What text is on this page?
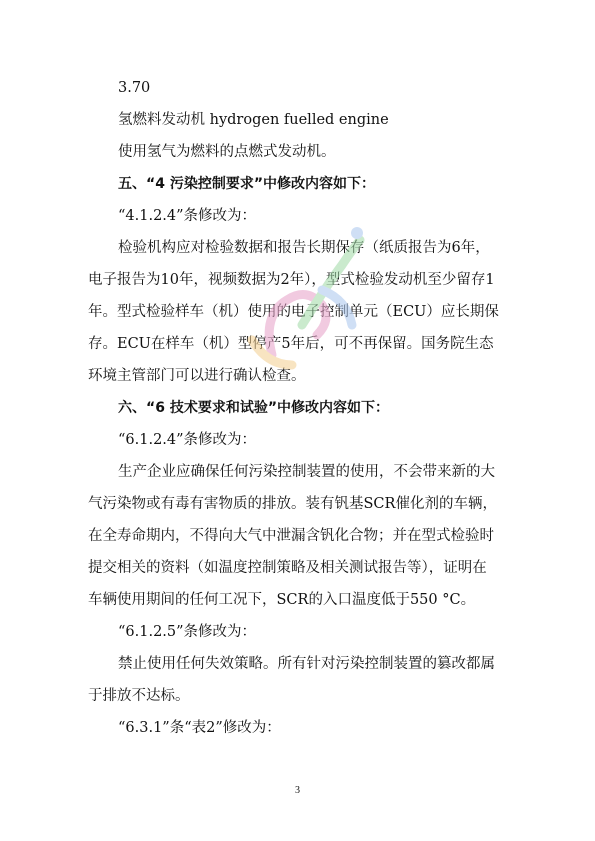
3.70
氢燃料发动机 hydrogen fuelled engine
使用氢气为燃料的点燃式发动机。
五、“4 污染控制要求”中修改内容如下：
“4.1.2.4”条修改为：
检验机构应对检验数据和报告长期保存（纸质报告为6年，
电子报告为10年，视频数据为2年），型式检验发动机至少留存1
年。型式检验样车（机）使用的电子控制单元（ECU）应长期保
存。ECU在样车（机）型停产5年后，可不再保留。国务院生态
环境主管部门可以进行确认检查。
六、“6 技术要求和试验”中修改内容如下：
“6.1.2.4”条修改为：
生产企业应确保任何污染控制装置的使用，不会带来新的大
气污染物或有毒有害物质的排放。装有钒基SCR催化剂的车辆，
在全寿命期内，不得向大气中泄漏含钒化合物；并在型式检验时
提交相关的资料（如温度控制策略及相关测试报告等），证明在
车辆使用期间的任何工况下，SCR的入口温度低于550 °C。
“6.1.2.5”条修改为：
禁止使用任何失效策略。所有针对污染控制装置的篡改都属
于排放不达标。
“6.3.1”条“表2”修改为：
3
